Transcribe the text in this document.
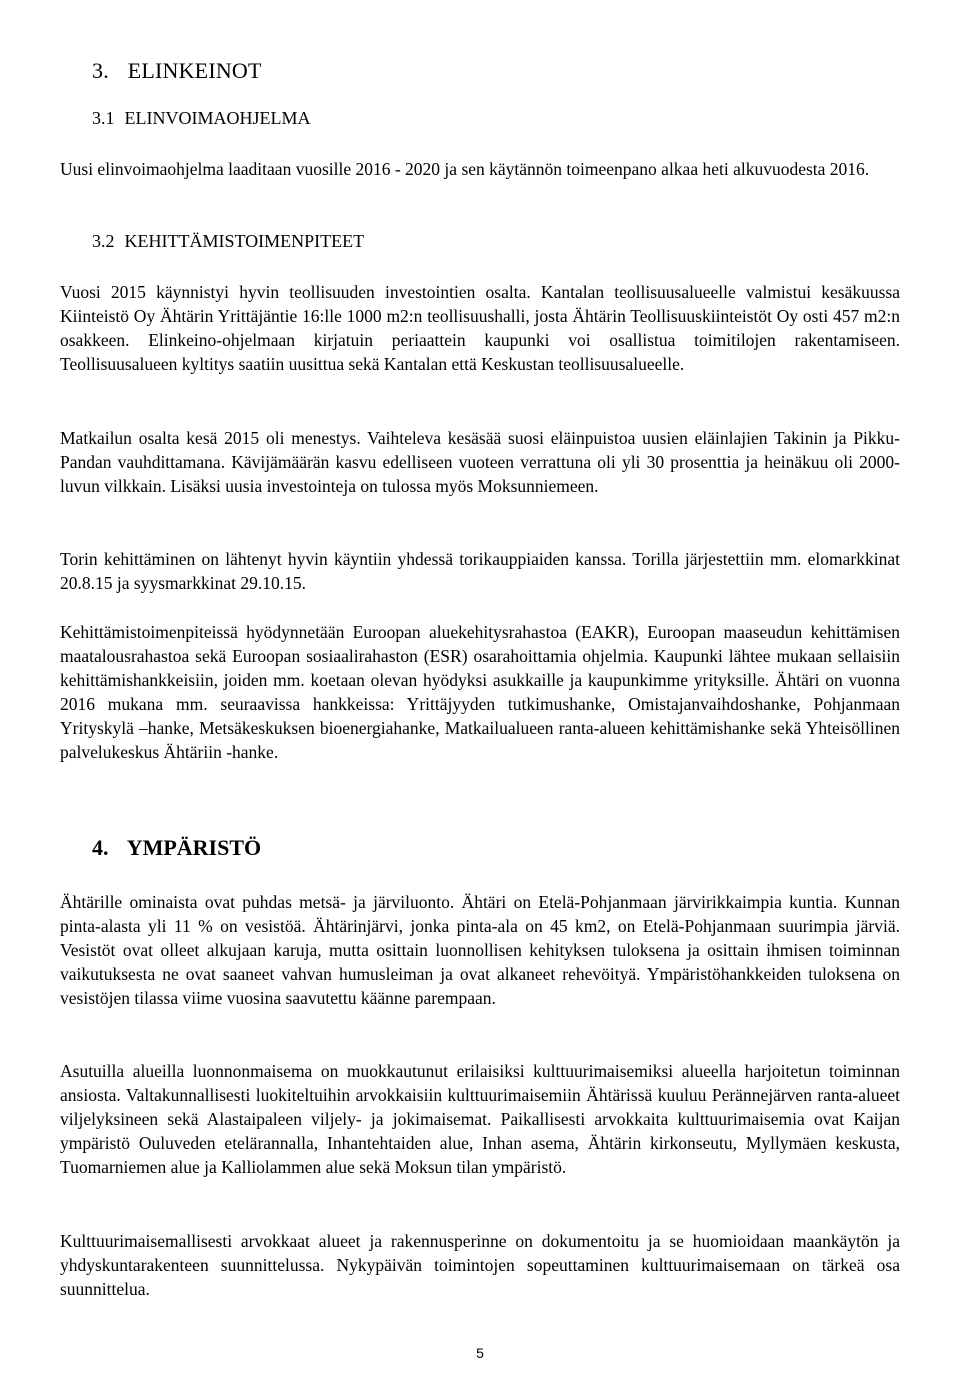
3. ELINKEINOT
3.1 ELINVOIMAOHJELMA

Uusi elinvoimaohjelma laaditaan vuosille 2016 - 2020 ja sen käytännön toimeenpano alkaa heti alkuvuodesta 2016.

3.2 KEHITTÄMISTOIMENPITEET

Vuosi 2015 käynnistyi hyvin teollisuuden investointien osalta. Kantalan teollisuusalueelle valmistui kesäkuussa Kiinteistö Oy Ähtärin Yrittäjäntie 16:lle 1000 m2:n teollisuushalli, josta Ähtärin Teollisuuskiinteistöt Oy osti 457 m2:n osakkeen. Elinkeino-ohjelmaan kirjatuin periaattein kaupunki voi osallistua toimitilojen rakentamiseen. Teollisuusalueen kyltitys saatiin uusittua sekä Kantalan että Keskustan teollisuusalueelle.

Matkailun osalta kesä 2015 oli menestys. Vaihteleva kesäsää suosi eläinpuistoa uusien eläinlajien Takinin ja Pikku-Pandan vauhdittamana. Kävijämäärän kasvu edelliseen vuoteen verrattuna oli yli 30 prosenttia ja heinäkuu oli 2000-luvun vilkkain. Lisäksi uusia investointeja on tulossa myös Moksunniemeen.

Torin kehittäminen on lähtenyt hyvin käyntiin yhdessä torikauppiaiden kanssa. Torilla järjestettiin mm. elomarkkinat 20.8.15 ja syysmarkkinat 29.10.15.

Kehittämistoimenpiteissä hyödynnetään Euroopan aluekehitysrahastoa (EAKR), Euroopan maaseudun kehittämisen maatalousrahastoa sekä Euroopan sosiaalirahaston (ESR) osarahoittamia ohjelmia. Kaupunki lähtee mukaan sellaisiin kehittämishankkeisiin, joiden mm. koetaan olevan hyödyksi asukkaille ja kaupunkimme yrityksille. Ähtäri on vuonna 2016 mukana mm. seuraavissa hankkeissa: Yrittäjyyden tutkimushanke, Omistajanvaihdoshanke, Pohjanmaan Yrityskylä –hanke, Metsäkeskuksen bioenergiahanke, Matkailualueen ranta-alueen kehittämishanke sekä Yhteisöllinen palvelukeskus Ähtäriin -hanke.

4. YMPÄRISTÖ

Ähtärille ominaista ovat puhdas metsä- ja järviluonto. Ähtäri on Etelä-Pohjanmaan järvirikkaimpia kuntia. Kunnan pinta-alasta yli 11 % on vesistöä. Ähtärinjärvi, jonka pinta-ala on 45 km2, on Etelä-Pohjanmaan suurimpia järviä. Vesistöt ovat olleet alkujaan karuja, mutta osittain luonnollisen kehityksen tuloksena ja osittain ihmisen toiminnan vaikutuksesta ne ovat saaneet vahvan humusleiman ja ovat alkaneet rehevöityä. Ympäristöhankkeiden tuloksena on vesistöjen tilassa viime vuosina saavutettu käänne parempaan.

Asutuilla alueilla luonnonmaisema on muokkautunut erilaisiksi kulttuurimaisemiksi alueella harjoitetun toiminnan ansiosta. Valtakunnallisesti luokiteltuihin arvokkaisiin kulttuurimaisemiin Ähtärissä kuuluu Perännejärven ranta-alueet viljelyksineen sekä Alastaipaleen viljely- ja jokimaisemat. Paikallisesti arvokkaita kulttuurimaisemia ovat Kaijan ympäristö Ouluveden etelärannalla, Inhantehtaiden alue, Inhan asema, Ähtärin kirkonseutu, Myllymäen keskusta, Tuomarniemen alue ja Kalliolammen alue sekä Moksun tilan ympäristö.

Kulttuurimaisemallisesti arvokkaat alueet ja rakennusperinne on dokumentoitu ja se huomioidaan maankäytön ja yhdyskuntarakenteen suunnittelussa. Nykypäivän toimintojen sopeuttaminen kulttuurimaisemaan on tärkeä osa suunnittelua.

5
